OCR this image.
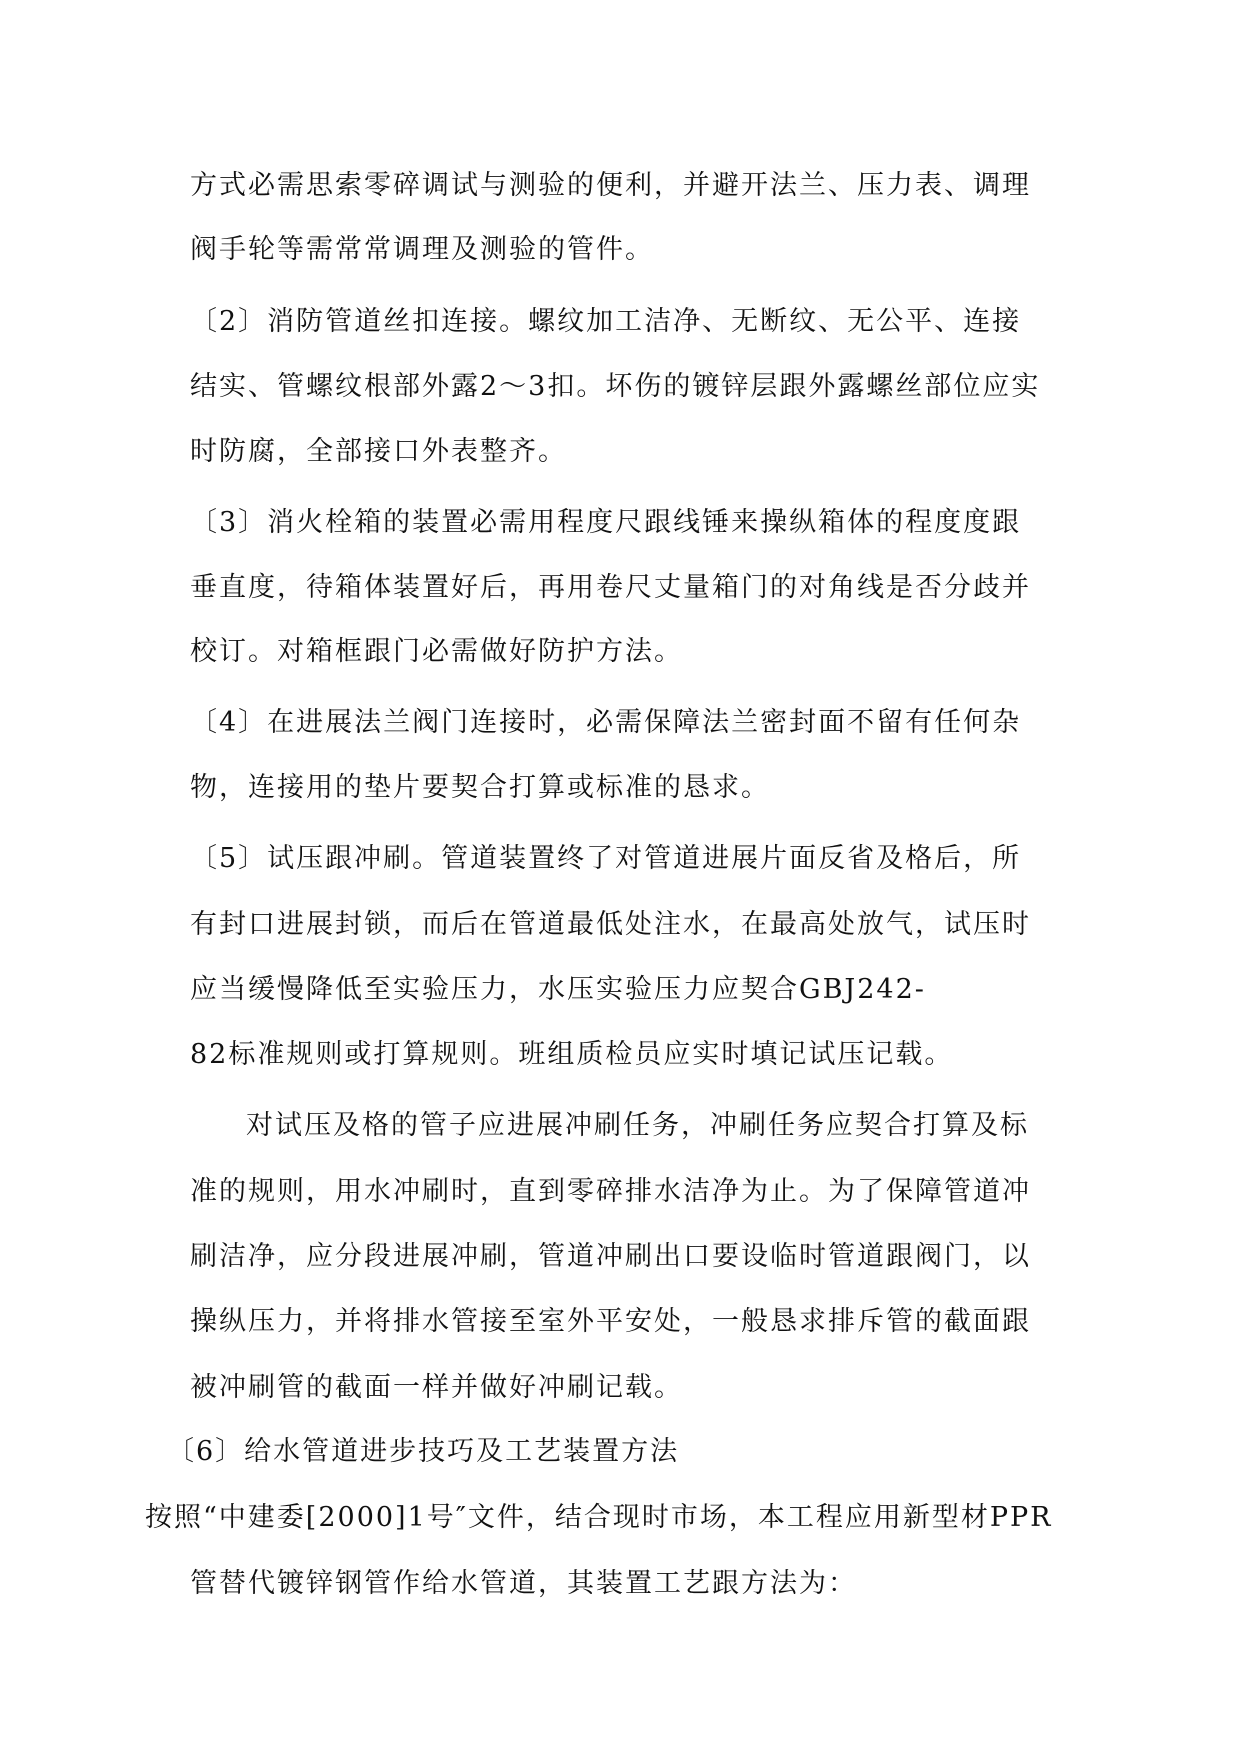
方式必需思索零碎调试与测验的便利，并避开法兰、压力表、调理
阀手轮等需常常调理及测验的管件。
〔2〕消防管道丝扣连接。螺纹加工洁净、无断纹、无公平、连接
结实、管螺纹根部外露2～3扣。坏伤的镀锌层跟外露螺丝部位应实
时防腐，全部接口外表整齐。
〔3〕消火栓箱的装置必需用程度尺跟线锤来操纵箱体的程度度跟
垂直度，待箱体装置好后，再用卷尺丈量箱门的对角线是否分歧并
校订。对箱框跟门必需做好防护方法。
〔4〕在进展法兰阀门连接时，必需保障法兰密封面不留有任何杂
物，连接用的垫片要契合打算或标准的恳求。
〔5〕试压跟冲刷。管道装置终了对管道进展片面反省及格后，所
有封口进展封锁，而后在管道最低处注水，在最高处放气，试压时
应当缓慢降低至实验压力，水压实验压力应契合GBJ242-
82标准规则或打算规则。班组质检员应实时填记试压记载。
对试压及格的管子应进展冲刷任务，冲刷任务应契合打算及标
准的规则，用水冲刷时，直到零碎排水洁净为止。为了保障管道冲
刷洁净，应分段进展冲刷，管道冲刷出口要设临时管道跟阀门，以
操纵压力，并将排水管接至室外平安处，一般恳求排斥管的截面跟
被冲刷管的截面一样并做好冲刷记载。
〔6〕给水管道进步技巧及工艺装置方法
按照“中建委[2000]1号″文件，结合现时市场，本工程应用新型材PPR
管替代镀锌钢管作给水管道，其装置工艺跟方法为：
